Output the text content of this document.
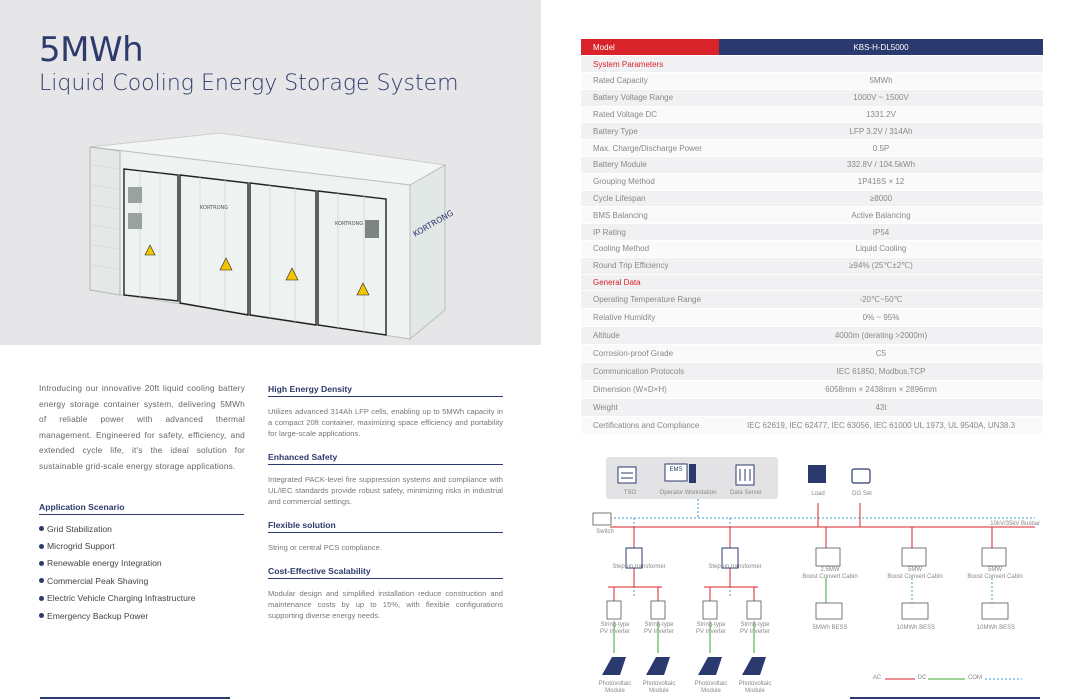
5MWh
Liquid Cooling Energy Storage System
KORTRONG
KORTRONG	KORTRONG
Introducing our innovative 20ft liquid cooling battery energy storage container system, delivering 5MWh of reliable power with advanced thermal management. Engineered for safety, efficiency, and extended cycle life, it's the ideal solution for sustainable grid-scale energy storage applications.
Application Scenario
Grid Stabilization
Microgrid Support
Renewable energy Integration
Commercial Peak Shaving
Electric Vehicle Charging Infrastructure
Emergency Backup Power
High Energy Density

Utilizes advanced 314Ah LFP cells, enabling up to 5MWh capacity in a compact 20ft container, maximizing space efficiency and portability for large-scale applications.

Enhanced Safety

Integrated PACK-level fire suppression systems and compliance with UL/IEC standards provide robust safety, minimizing risks in industrial and commercial settings.

Flexible solution

String or central PCS compliance.

Cost-Effective Scalability

Modular design and simplified installation reduce construction and maintenance costs by up to 15%, with flexible configurations supporting diverse energy needs.

Model	KBS-H-DL5000
System Parameters	
Rated Capacity	5MWh
Battery Voltage Range	1000V ~ 1500V
Rated Voltage DC	1331.2V
Battery Type	LFP 3.2V / 314Ah
Max. Charge/Discharge Power	0.5P
Battery Module	332.8V / 104.5kWh
Grouping Method	1P416S × 12
Cycle Lifespan	≥8000
BMS Balancing	Active Balancing
IP Rating	IP54
Cooling Method	Liquid Cooling
Round Trip Efficiency	≥94% (25℃±2℃)
General Data	
Operating Temperature Range	-20℃~50℃
Relative Humidity	0% ~ 95%
Altitude	4000m (derating >2000m)
Corrosion-proof Grade	C5
Communication Protocols	IEC 61850, Modbus,TCP
Dimension (W×D×H)	6058mm × 2438mm × 2896mm
Weight	43t
Certifications and Compliance	IEC 62619, IEC 62477, IEC 63056, IEC 61000 UL 1973, UL 9540A, UN38.3
TSO
EMS
Operator Workstation	Data Server	Load	DG Set
Switch
10kV/35kV Busbar
Step-up transformer	Step-up transformer	2.5MW
Boost Convert Cabin
5MW
Boost Convert Cabin
5MW
Boost Convert Cabin
5MWh BESS	10MWh BESS	10MWh BESS
String-type
PV Inverter
String-type
PV Inverter
String-type
PV Inverter
String-type
PV Inverter
Photovoltaic
Module
Photovoltaic
Module
Photovoltaic
Module
Photovoltaic
Module
AC	DC	COM
